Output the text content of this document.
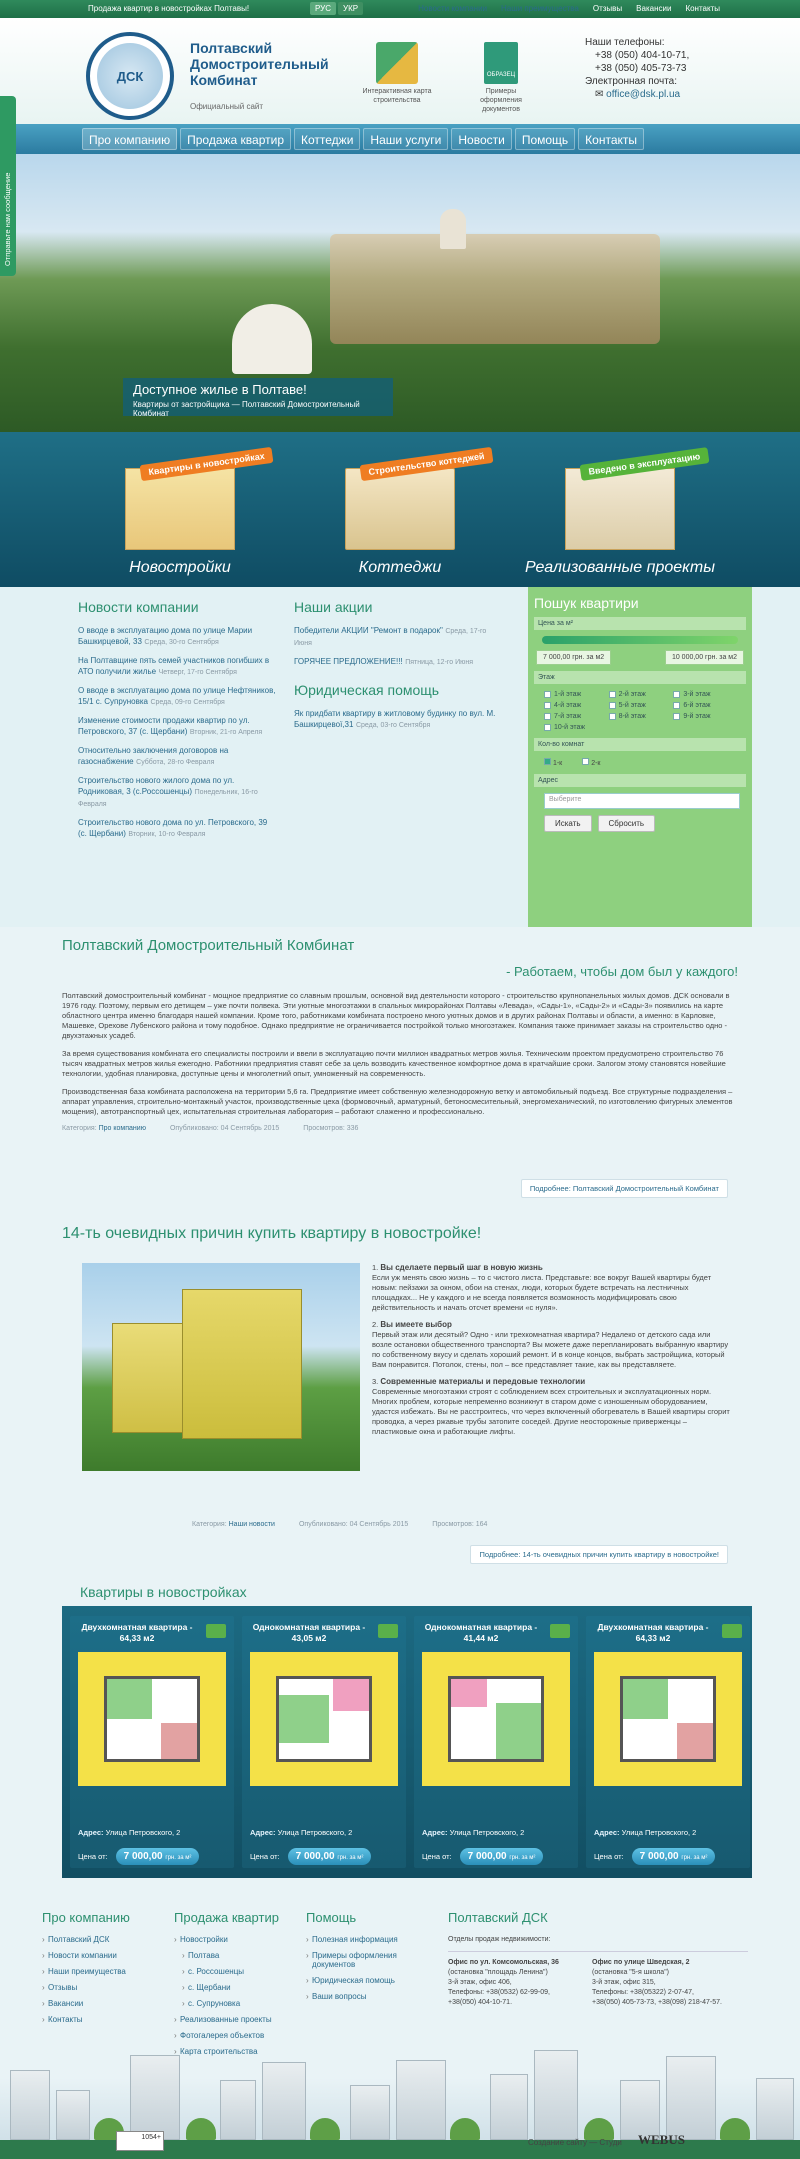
Продажа квартир в новостройках Полтавы!	РУС	УКР	Новости компании Наши преимущества Отзывы Вакансии Контакты
ДСК
Полтавский Домостроительный Комбинат
Официальный сайт
Интерактивная карта строительства
ОБРАЗЕЦ
Примеры оформления документов
Наши телефоны:
+38 (050) 404-10-71,
+38 (050) 405-73-73
Электронная почта:
✉ office@dsk.pl.ua
Про компанию	Продажа квартир	Коттеджи	Наши услуги	Новости	Помощь	Контакты
Доступное жилье в Полтаве!
Квартиры от застройщика — Полтавский Домостроительный Комбинат
Отправьте нам сообщение
Квартиры в новостройках
Новостройки
Строительство коттеджей
Коттеджи
Введено в эксплуатацию
Реализованные проекты
Новости компании
О вводе в эксплуатацию дома по улице Марии Башкирцевой, 33 Среда, 30-го Сентября
На Полтавщине пять семей участников погибших в АТО получили жилье Четверг, 17-го Сентября
О вводе в эксплуатацию дома по улице Нефтяников, 15/1 с. Супруновка Среда, 09-го Сентября
Изменение стоимости продажи квартир по ул. Петровского, 37 (с. Щербани) Вторник, 21-го Апреля
Относительно заключения договоров на газоснабжение Суббота, 28-го Февраля
Строительство нового жилого дома по ул. Родниковая, 3 (с.Россошенцы) Понедельник, 16-го Февраля
Строительство нового дома по ул. Петровского, 39 (с. Щербани) Вторник, 10-го Февраля
Наши акции
Победители АКЦИИ "Ремонт в подарок" Среда, 17-го Июня
ГОРЯЧЕЕ ПРЕДЛОЖЕНИЕ!!! Пятница, 12-го Июня
Юридическая помощь
Як придбати квартиру в житловому будинку по вул. М. Башкирцевої,31 Среда, 03-го Сентября
Пошук квартири
Цена за м²
7 000,00 грн. за м2	10 000,00 грн. за м2
Этаж
1-й этаж	2-й этаж	3-й этаж
4-й этаж	5-й этаж	6-й этаж
7-й этаж	8-й этаж	9-й этаж
10-й этаж
Кол-во комнат
1-к	2-к
Адрес
Выберите
Искать	Сбросить
Полтавский Домостроительный Комбинат
- Работаем, чтобы дом был у каждого!

Полтавский домостроительный комбинат - мощное предприятие со славным прошлым, основной вид деятельности которого - строительство крупнопанельных жилых домов. ДСК основали в 1976 году. Поэтому, первым его детищем – уже почти полвека. Эти уютные многоэтажки в спальных микрорайонах Полтавы «Левада», «Сады-1», «Сады-2» и «Сады-3» появились на карте областного центра именно благодаря нашей компании. Кроме того, работниками комбината построено много уютных домов и в других районах Полтавы и области, а именно: в Карловке, Машевке, Орехове Лубенского района и тому подобное. Однако предприятие не ограничивается постройкой только многоэтажек. Компания также принимает заказы на строительство одно - двухэтажных усадеб.

За время существования комбината его специалисты построили и ввели в эксплуатацию почти миллион квадратных метров жилья. Техническим проектом предусмотрено строительство 76 тысяч квадратных метров жилья ежегодно. Работники предприятия ставят себе за цель возводить качественное комфортное дома в кратчайшие сроки. Залогом этому становятся новейшие технологии, удобная планировка, доступные цены и многолетний опыт, умноженный на современность.

Производственная база комбината расположена на территории 5,6 га. Предприятие имеет собственную железнодорожную ветку и автомобильный подъезд. Все структурные подразделения – аппарат управления, строительно-монтажный участок, производственные цеха (формовочный, арматурный, бетоносмесительный, энергомеханический, по изготовлению фигурных элементов мощения), автотранспортный цех, испытательная строительная лаборатория – работают слаженно и профессионально.

Категория: Про компанию	Опубликовано: 04 Сентябрь 2015	Просмотров: 336
Подробнее: Полтавский Домостроительный Комбинат
14-ть очевидных причин купить квартиру в новостройке!
1. Вы сделаете первый шаг в новую жизнь
Если уж менять свою жизнь – то с чистого листа. Представьте: все вокруг Вашей квартиры будет новым: пейзажи за окном, обои на стенах, люди, которых будете встречать на лестничных площадках... Не у каждого и не всегда появляется возможность модифицировать свою действительность и начать отсчет времени «с нуля».
2. Вы имеете выбор
Первый этаж или десятый? Одно - или трехкомнатная квартира? Недалеко от детского сада или возле остановки общественного транспорта? Вы можете даже перепланировать выбранную квартиру по собственному вкусу и сделать хороший ремонт. И в конце концов, выбрать застройщика, который Вам понравится. Потолок, стены, пол – все представляет такие, как вы представляете.
3. Современные материалы и передовые технологии
Современные многоэтажки строят с соблюдением всех строительных и эксплуатационных норм. Многих проблем, которые непременно возникнут в старом доме с изношенным оборудованием, удастся избежать. Вы не расстроитесь, что через включенный обогреватель в Вашей квартиры сгорит проводка, а через ржавые трубы затопите соседей. Другие неосторожные приверженцы – пластиковые окна и работающие лифты.
Категория: Наши новости	Опубликовано: 04 Сентябрь 2015	Просмотров: 164
Подробнее: 14-ть очевидных причин купить квартиру в новостройке!
Квартиры в новостройках
Двухкомнатная квартира - 64,33 м2
Адрес: Улица Петровского, 2
Цена от:	7 000,00 грн. за м²
Однокомнатная квартира - 43,05 м2
Адрес: Улица Петровского, 2
Цена от:	7 000,00 грн. за м²
Однокомнатная квартира - 41,44 м2
Адрес: Улица Петровского, 2
Цена от:	7 000,00 грн. за м²
Двухкомнатная квартира - 64,33 м2
Адрес: Улица Петровского, 2
Цена от:	7 000,00 грн. за м²
Про компанию
› Полтавский ДСК
› Новости компании
› Наши преимущества
› Отзывы
› Вакансии
› Контакты
Продажа квартир
› Новостройки
› Полтава
› с. Россошенцы
› с. Щербани
› с. Супруновка
› Реализованные проекты
› Фотогалерея объектов
› Карта строительства
Помощь
› Полезная информация
› Примеры оформления документов
› Юридическая помощь
› Ваши вопросы
Полтавский ДСК
Отделы продаж недвижимости:
Офис по ул. Комсомольская, 36
(остановка "площадь Ленина")
3-й этаж, офис 406,
Телефоны: +38(0532) 62-99-09,
+38(050) 404-10-71.
Офис по улице Шведская, 2
(остановка "5-я школа")
3-й этаж, офис 315,
Телефоны: +38(05322) 2-07-47,
+38(050) 405-73-73, +38(098) 218-47-57.
1054+
Создание сайту — Студи WEBUS
